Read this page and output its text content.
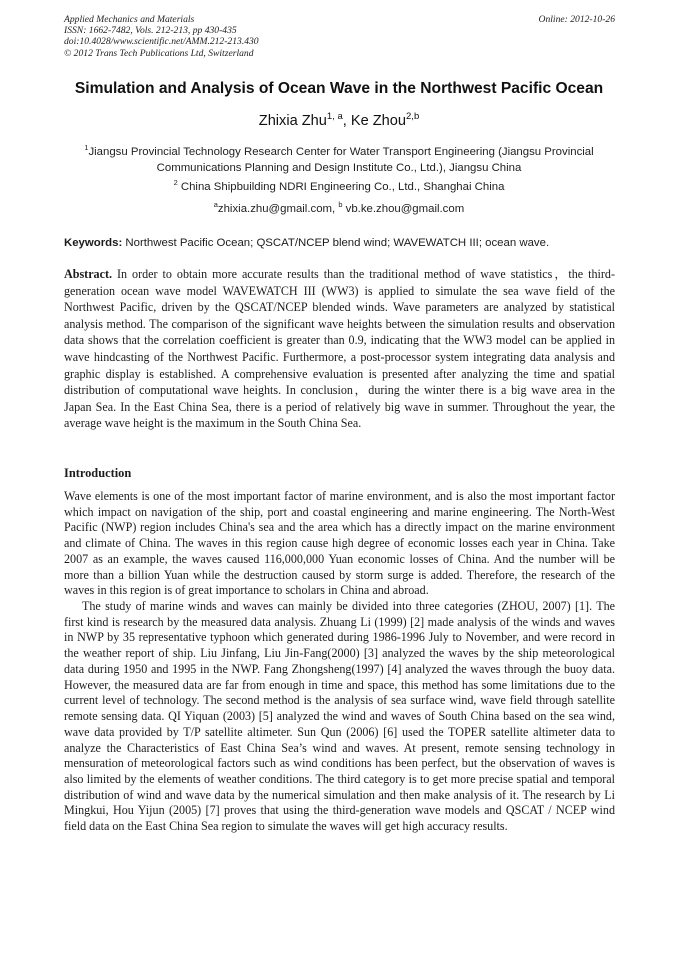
Applied Mechanics and Materials
ISSN: 1662-7482, Vols. 212-213, pp 430-435
doi:10.4028/www.scientific.net/AMM.212-213.430
© 2012 Trans Tech Publications Ltd, Switzerland
Online: 2012-10-26
Simulation and Analysis of Ocean Wave in the Northwest Pacific Ocean
Zhixia Zhu$^{1, a}$, Ke Zhou$^{2,b}$
$^1$Jiangsu Provincial Technology Research Center for Water Transport Engineering (Jiangsu Provincial Communications Planning and Design Institute Co., Ltd.), Jiangsu China
$^2$ China Shipbuilding NDRI Engineering Co., Ltd., Shanghai China
$^a$zhixia.zhu@gmail.com, $^b$ vb.ke.zhou@gmail.com
Keywords: Northwest Pacific Ocean; QSCAT/NCEP blend wind; WAVEWATCH III; ocean wave.
Abstract. In order to obtain more accurate results than the traditional method of wave statistics，the third-generation ocean wave model WAVEWATCH III (WW3) is applied to simulate the sea wave field of the Northwest Pacific, driven by the QSCAT/NCEP blended winds. Wave parameters are analyzed by statistical analysis method. The comparison of the significant wave heights between the simulation results and observation data shows that the correlation coefficient is greater than 0.9, indicating that the WW3 model can be applied in wave hindcasting of the Northwest Pacific. Furthermore, a post-processor system integrating data analysis and graphic display is established. A comprehensive evaluation is presented after analyzing the time and spatial distribution of computational wave heights. In conclusion，during the winter there is a big wave area in the Japan Sea. In the East China Sea, there is a period of relatively big wave in summer. Throughout the year, the average wave height is the maximum in the South China Sea.
Introduction

Wave elements is one of the most important factor of marine environment, and is also the most important factor which impact on navigation of the ship, port and coastal engineering and marine engineering. The North-West Pacific (NWP) region includes China's sea and the area which has a directly impact on the marine environment and climate of China. The waves in this region cause high degree of economic losses each year in China. Take 2007 as an example, the waves caused 116,000,000 Yuan economic losses of China. And the number will be more than a billion Yuan while the destruction caused by storm surge is added. Therefore, the research of the waves in this region is of great importance to scholars in China and abroad.

The study of marine winds and waves can mainly be divided into three categories (ZHOU, 2007) [1]. The first kind is research by the measured data analysis. Zhuang Li (1999) [2] made analysis of the winds and waves in NWP by 35 representative typhoon which generated during 1986-1996 July to November, and were record in the weather report of ship. Liu Jinfang, Liu Jin-Fang(2000) [3] analyzed the waves by the ship meteorological data during 1950 and 1995 in the NWP. Fang Zhongsheng(1997) [4] analyzed the waves through the buoy data. However, the measured data are far from enough in time and space, this method has some limitations due to the current level of technology. The second method is the analysis of sea surface wind, wave field through satellite remote sensing data. QI Yiquan (2003) [5] analyzed the wind and waves of South China based on the sea wind, wave data provided by T/P satellite altimeter. Sun Qun (2006) [6] used the TOPER satellite altimeter data to analyze the Characteristics of East China Sea’s wind and waves. At present, remote sensing technology in mensuration of meteorological factors such as wind conditions has been perfect, but the observation of waves is also limited by the elements of weather conditions. The third category is to get more precise spatial and temporal distribution of wind and wave data by the numerical simulation and then make analysis of it. The research by Li Mingkui, Hou Yijun (2005) [7] proves that using the third-generation wave models and QSCAT / NCEP wind field data on the East China Sea region to simulate the waves will get high accuracy results.
